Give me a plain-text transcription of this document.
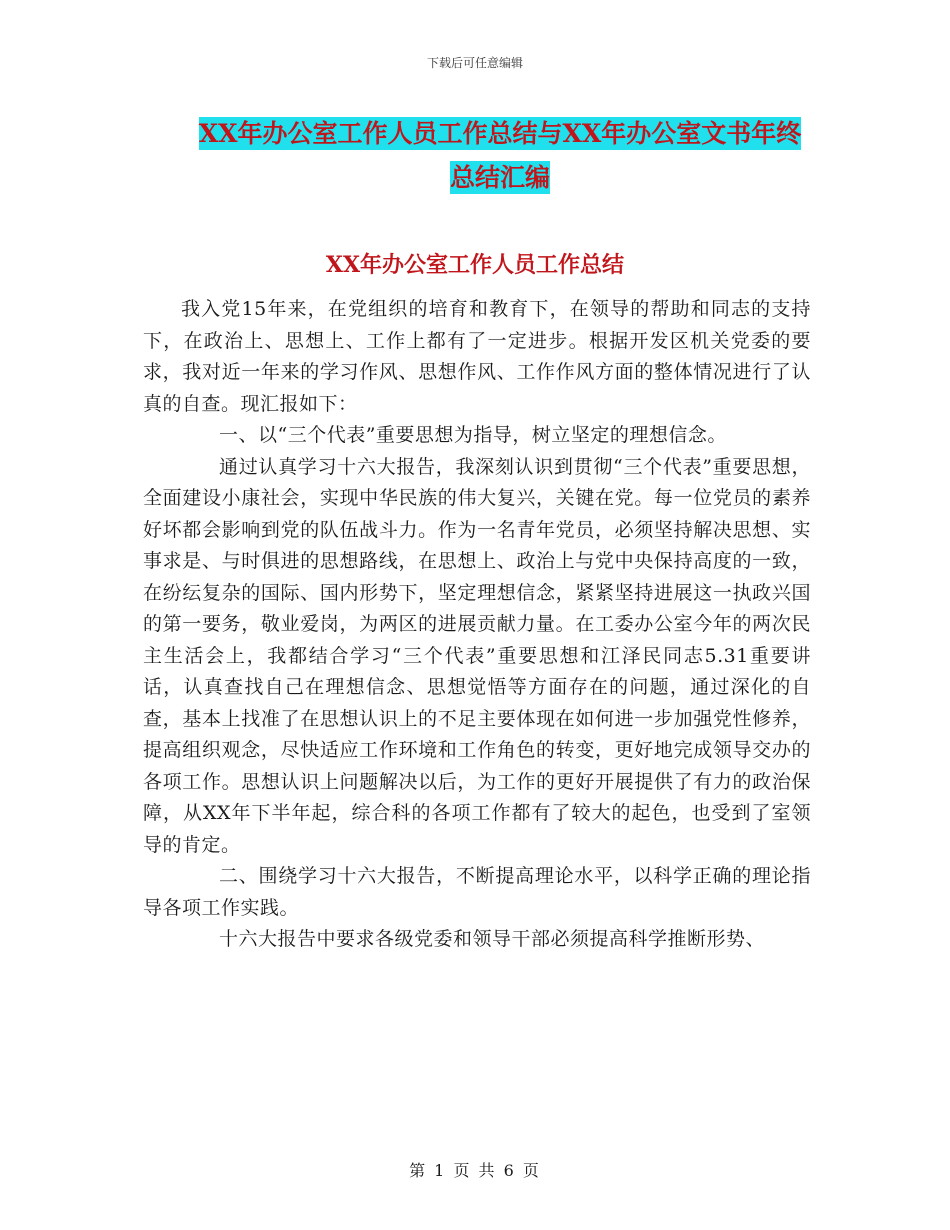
下载后可任意编辑
XX年办公室工作人员工作总结与XX年办公室文书年终
总结汇编
XX年办公室工作人员工作总结

我入党15年来，在党组织的培育和教育下，在领导的帮助和同志的支持下，在政治上、思想上、工作上都有了一定进步。根据开发区机关党委的要求，我对近一年来的学习作风、思想作风、工作作风方面的整体情况进行了认真的自查。现汇报如下：

一、以“三个代表”重要思想为指导，树立坚定的理想信念。

通过认真学习十六大报告，我深刻认识到贯彻“三个代表”重要思想，全面建设小康社会，实现中华民族的伟大复兴，关键在党。每一位党员的素养好坏都会影响到党的队伍战斗力。作为一名青年党员，必须坚持解决思想、实事求是、与时俱进的思想路线，在思想上、政治上与党中央保持高度的一致，在纷纭复杂的国际、国内形势下，坚定理想信念，紧紧坚持进展这一执政兴国的第一要务，敬业爱岗，为两区的进展贡献力量。在工委办公室今年的两次民主生活会上，我都结合学习“三个代表”重要思想和江泽民同志5.31重要讲话，认真查找自己在理想信念、思想觉悟等方面存在的问题，通过深化的自查，基本上找准了在思想认识上的不足主要体现在如何进一步加强党性修养，提高组织观念，尽快适应工作环境和工作角色的转变，更好地完成领导交办的各项工作。思想认识上问题解决以后，为工作的更好开展提供了有力的政治保障，从XX年下半年起，综合科的各项工作都有了较大的起色，也受到了室领导的肯定。

二、围绕学习十六大报告，不断提高理论水平，以科学正确的理论指导各项工作实践。

十六大报告中要求各级党委和领导干部必须提高科学推断形势、

第 1 页 共 6 页
